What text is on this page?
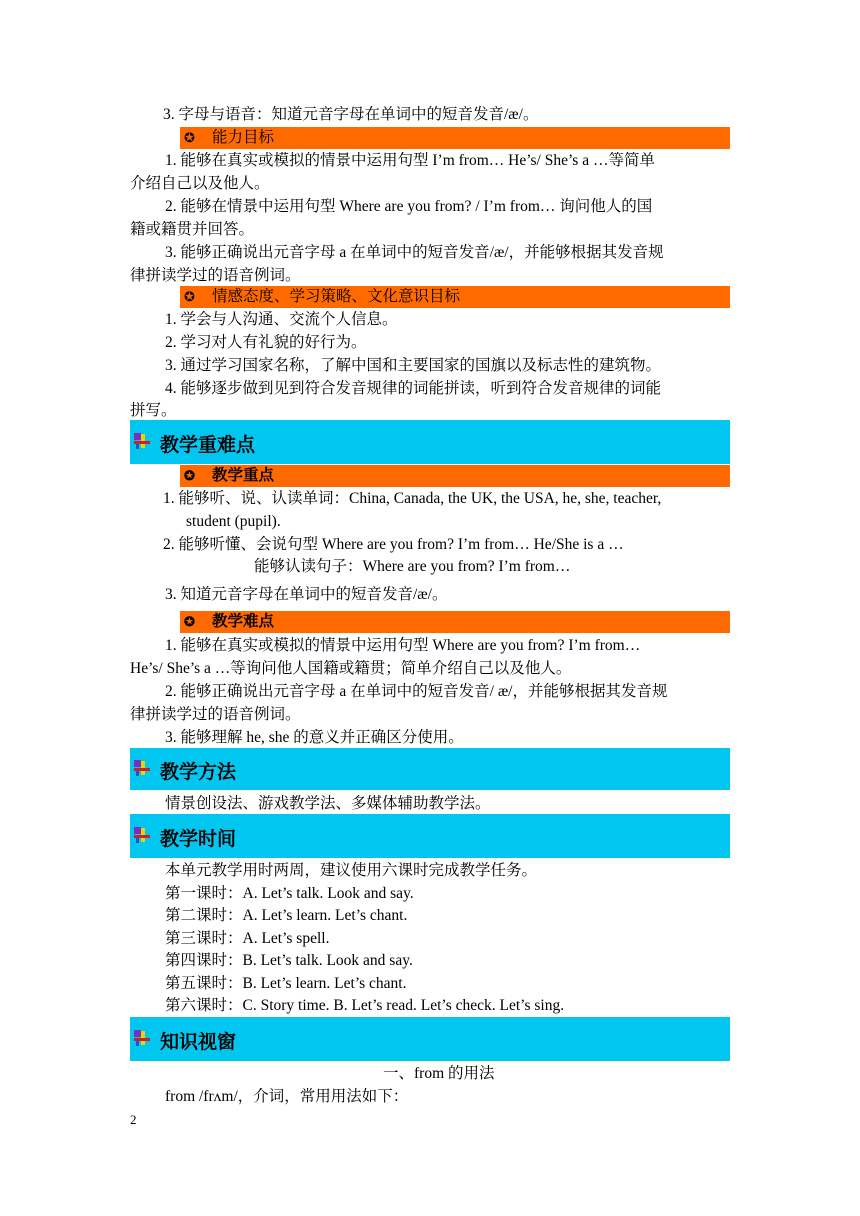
3. 字母与语音：知道元音字母在单词中的短音发音/æ/。
✪ 能力目标
1. 能够在真实或模拟的情景中运用句型 I’m from… He’s/ She’s a …等简单
介绍自己以及他人。
2. 能够在情景中运用句型 Where are you from? / I’m from… 询问他人的国
籍或籍贯并回答。
3. 能够正确说出元音字母 a 在单词中的短音发音/æ/，并能够根据其发音规
律拼读学过的语音例词。
✪ 情感态度、学习策略、文化意识目标
1. 学会与人沟通、交流个人信息。
2. 学习对人有礼貌的好行为。
3. 通过学习国家名称，了解中国和主要国家的国旗以及标志性的建筑物。
4. 能够逐步做到见到符合发音规律的词能拼读，听到符合发音规律的词能
拼写。
教学重难点
✪ 教学重点
1. 能够听、说、认读单词：China, Canada, the UK, the USA, he, she, teacher,
student (pupil).
2. 能够听懂、会说句型 Where are you from? I’m from… He/She is a …
能够认读句子：Where are you from? I’m from…
3. 知道元音字母在单词中的短音发音/æ/。
✪ 教学难点
1. 能够在真实或模拟的情景中运用句型 Where are you from? I’m from…
He’s/ She’s a …等询问他人国籍或籍贯；简单介绍自己以及他人。
2. 能够正确说出元音字母 a 在单词中的短音发音/ æ/，并能够根据其发音规
律拼读学过的语音例词。
3. 能够理解 he, she 的意义并正确区分使用。
教学方法
情景创设法、游戏教学法、多媒体辅助教学法。
教学时间
本单元教学用时两周，建议使用六课时完成教学任务。
第一课时：A. Let’s talk. Look and say.
第二课时：A. Let’s learn. Let’s chant.
第三课时：A. Let’s spell.
第四课时：B. Let’s talk. Look and say.
第五课时：B. Let’s learn. Let’s chant.
第六课时：C. Story time. B. Let’s read. Let’s check. Let’s sing.
知识视窗
一、from 的用法
from /frʌm/，介词，常用用法如下：
2
